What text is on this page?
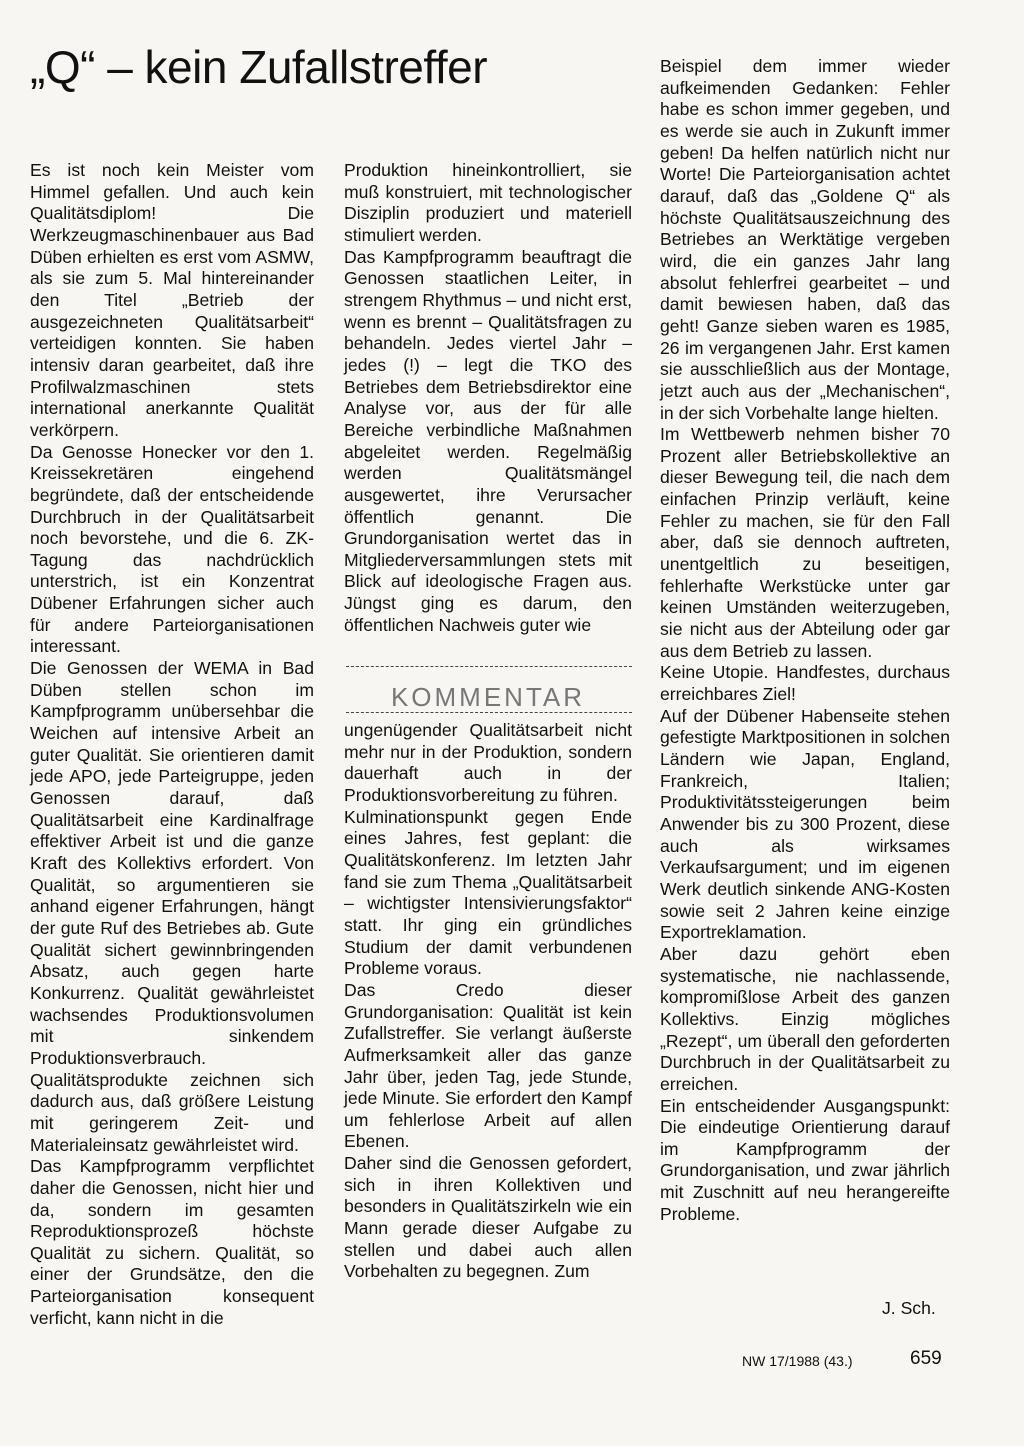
„Q“ – kein Zufallstreffer

Es ist noch kein Meister vom Himmel gefallen. Und auch kein Qualitätsdiplom! Die Werkzeugmaschinenbauer aus Bad Düben erhielten es erst vom ASMW, als sie zum 5. Mal hintereinander den Titel „Betrieb der ausgezeichneten Qualitätsarbeit“ verteidigen konnten. Sie haben intensiv daran gearbeitet, daß ihre Profilwalzmaschinen stets international anerkannte Qualität verkörpern.

Da Genosse Honecker vor den 1. Kreissekretären eingehend begründete, daß der entscheidende Durchbruch in der Qualitätsarbeit noch bevorstehe, und die 6. ZK-Tagung das nachdrücklich unterstrich, ist ein Konzentrat Dübener Erfahrungen sicher auch für andere Parteiorganisationen interessant.

Die Genossen der WEMA in Bad Düben stellen schon im Kampfprogramm unübersehbar die Weichen auf intensive Arbeit an guter Qualität. Sie orientieren damit jede APO, jede Parteigruppe, jeden Genossen darauf, daß Qualitätsarbeit eine Kardinalfrage effektiver Arbeit ist und die ganze Kraft des Kollektivs erfordert. Von Qualität, so argumentieren sie anhand eigener Erfahrungen, hängt der gute Ruf des Betriebes ab. Gute Qualität sichert gewinnbringenden Absatz, auch gegen harte Konkurrenz. Qualität gewährleistet wachsendes Produktionsvolumen mit sinkendem Produktionsverbrauch. Qualitätsprodukte zeichnen sich dadurch aus, daß größere Leistung mit geringerem Zeit- und Materialeinsatz gewährleistet wird.

Das Kampfprogramm verpflichtet daher die Genossen, nicht hier und da, sondern im gesamten Reproduktionsprozeß höchste Qualität zu sichern. Qualität, so einer der Grundsätze, den die Parteiorganisation konsequent verficht, kann nicht in die

Produktion hineinkontrolliert, sie muß konstruiert, mit technologischer Disziplin produziert und materiell stimuliert werden.

Das Kampfprogramm beauftragt die Genossen staatlichen Leiter, in strengem Rhythmus – und nicht erst, wenn es brennt – Qualitätsfragen zu behandeln. Jedes viertel Jahr – jedes (!) – legt die TKO des Betriebes dem Betriebsdirektor eine Analyse vor, aus der für alle Bereiche verbindliche Maßnahmen abgeleitet werden. Regelmäßig werden Qualitätsmängel ausgewertet, ihre Verursacher öffentlich genannt. Die Grundorganisation wertet das in Mitgliederversammlungen stets mit Blick auf ideologische Fragen aus. Jüngst ging es darum, den öffentlichen Nachweis guter wie

KOMMENTAR

ungenügender Qualitätsarbeit nicht mehr nur in der Produktion, sondern dauerhaft auch in der Produktionsvorbereitung zu führen.

Kulminationspunkt gegen Ende eines Jahres, fest geplant: die Qualitätskonferenz. Im letzten Jahr fand sie zum Thema „Qualitätsarbeit – wichtigster Intensivierungsfaktor“ statt. Ihr ging ein gründliches Studium der damit verbundenen Probleme voraus.

Das Credo dieser Grundorganisation: Qualität ist kein Zufallstreffer. Sie verlangt äußerste Aufmerksamkeit aller das ganze Jahr über, jeden Tag, jede Stunde, jede Minute. Sie erfordert den Kampf um fehlerlose Arbeit auf allen Ebenen.

Daher sind die Genossen gefordert, sich in ihren Kollektiven und besonders in Qualitätszirkeln wie ein Mann gerade dieser Aufgabe zu stellen und dabei auch allen Vorbehalten zu begegnen. Zum

Beispiel dem immer wieder aufkeimenden Gedanken: Fehler habe es schon immer gegeben, und es werde sie auch in Zukunft immer geben! Da helfen natürlich nicht nur Worte! Die Parteiorganisation achtet darauf, daß das „Goldene Q“ als höchste Qualitätsauszeichnung des Betriebes an Werktätige vergeben wird, die ein ganzes Jahr lang absolut fehlerfrei gearbeitet – und damit bewiesen haben, daß das geht! Ganze sieben waren es 1985, 26 im vergangenen Jahr. Erst kamen sie ausschließlich aus der Montage, jetzt auch aus der „Mechanischen“, in der sich Vorbehalte lange hielten.

Im Wettbewerb nehmen bisher 70 Prozent aller Betriebskollektive an dieser Bewegung teil, die nach dem einfachen Prinzip verläuft, keine Fehler zu machen, sie für den Fall aber, daß sie dennoch auftreten, unentgeltlich zu beseitigen, fehlerhafte Werkstücke unter gar keinen Umständen weiterzugeben, sie nicht aus der Abteilung oder gar aus dem Betrieb zu lassen.

Keine Utopie. Handfestes, durchaus erreichbares Ziel!

Auf der Dübener Habenseite stehen gefestigte Marktpositionen in solchen Ländern wie Japan, England, Frankreich, Italien; Produktivitätssteigerungen beim Anwender bis zu 300 Prozent, diese auch als wirksames Verkaufsargument; und im eigenen Werk deutlich sinkende ANG-Kosten sowie seit 2 Jahren keine einzige Exportreklamation.

Aber dazu gehört eben systematische, nie nachlassende, kompromißlose Arbeit des ganzen Kollektivs. Einzig mögliches „Rezept“, um überall den geforderten Durchbruch in der Qualitätsarbeit zu erreichen.

Ein entscheidender Ausgangspunkt: Die eindeutige Orientierung darauf im Kampfprogramm der Grundorganisation, und zwar jährlich mit Zuschnitt auf neu herangereifte Probleme.

J. Sch.
NW 17/1988 (43.)	659
